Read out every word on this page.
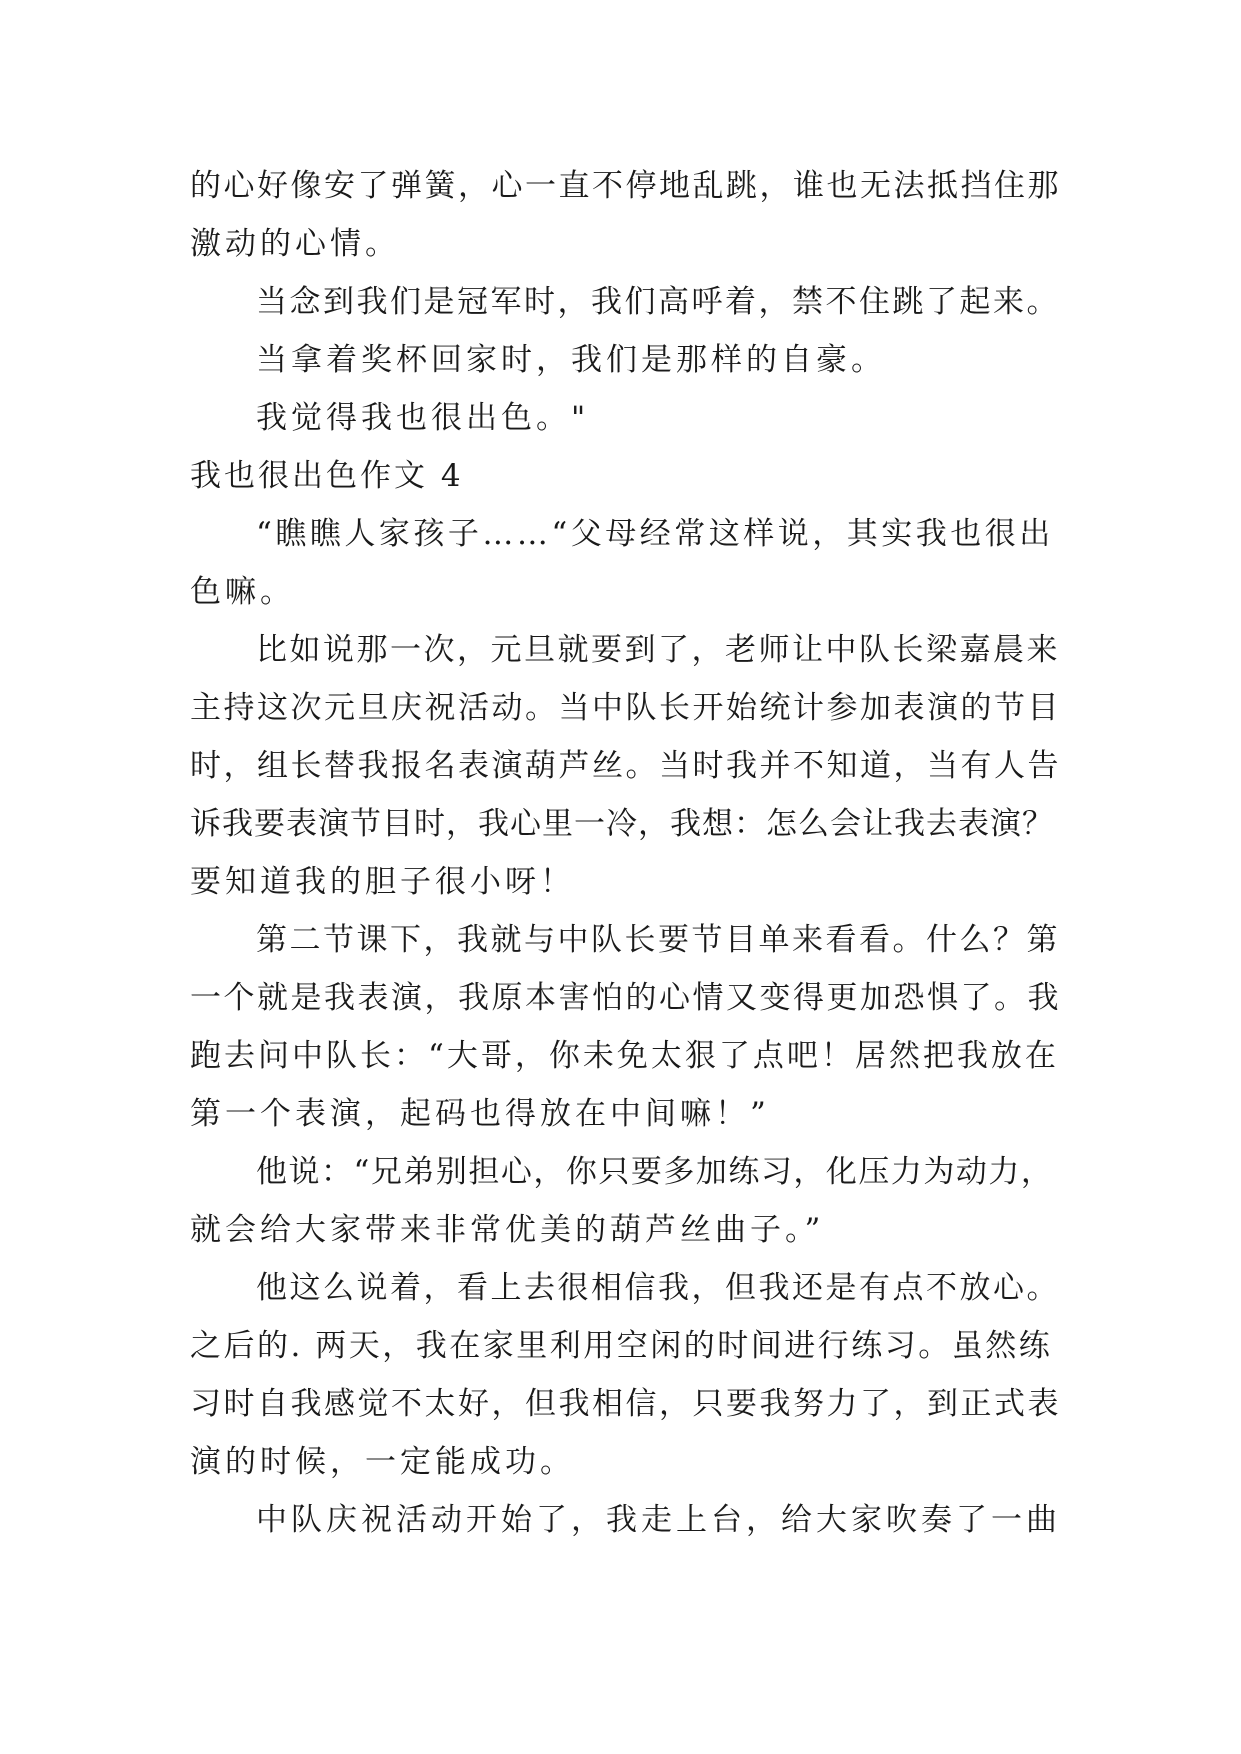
的心好像安了弹簧，心一直不停地乱跳，谁也无法抵挡住那
激动的心情。
当念到我们是冠军时，我们高呼着，禁不住跳了起来。
当拿着奖杯回家时，我们是那样的自豪。
我觉得我也很出色。"
我也很出色作文 4
“瞧瞧人家孩子……“父母经常这样说，其实我也很出
色嘛。
比如说那一次，元旦就要到了，老师让中队长梁嘉晨来
主持这次元旦庆祝活动。当中队长开始统计参加表演的节目
时，组长替我报名表演葫芦丝。当时我并不知道，当有人告
诉我要表演节目时，我心里一冷，我想：怎么会让我去表演？
要知道我的胆子很小呀！
第二节课下，我就与中队长要节目单来看看。什么？第
一个就是我表演，我原本害怕的心情又变得更加恐惧了。我
跑去问中队长：“大哥，你未免太狠了点吧！居然把我放在
第一个表演，起码也得放在中间嘛！”
他说：“兄弟别担心，你只要多加练习，化压力为动力，
就会给大家带来非常优美的葫芦丝曲子。”
他这么说着，看上去很相信我，但我还是有点不放心。
之后的. 两天，我在家里利用空闲的时间进行练习。虽然练
习时自我感觉不太好，但我相信，只要我努力了，到正式表
演的时候，一定能成功。
中队庆祝活动开始了，我走上台，给大家吹奏了一曲
